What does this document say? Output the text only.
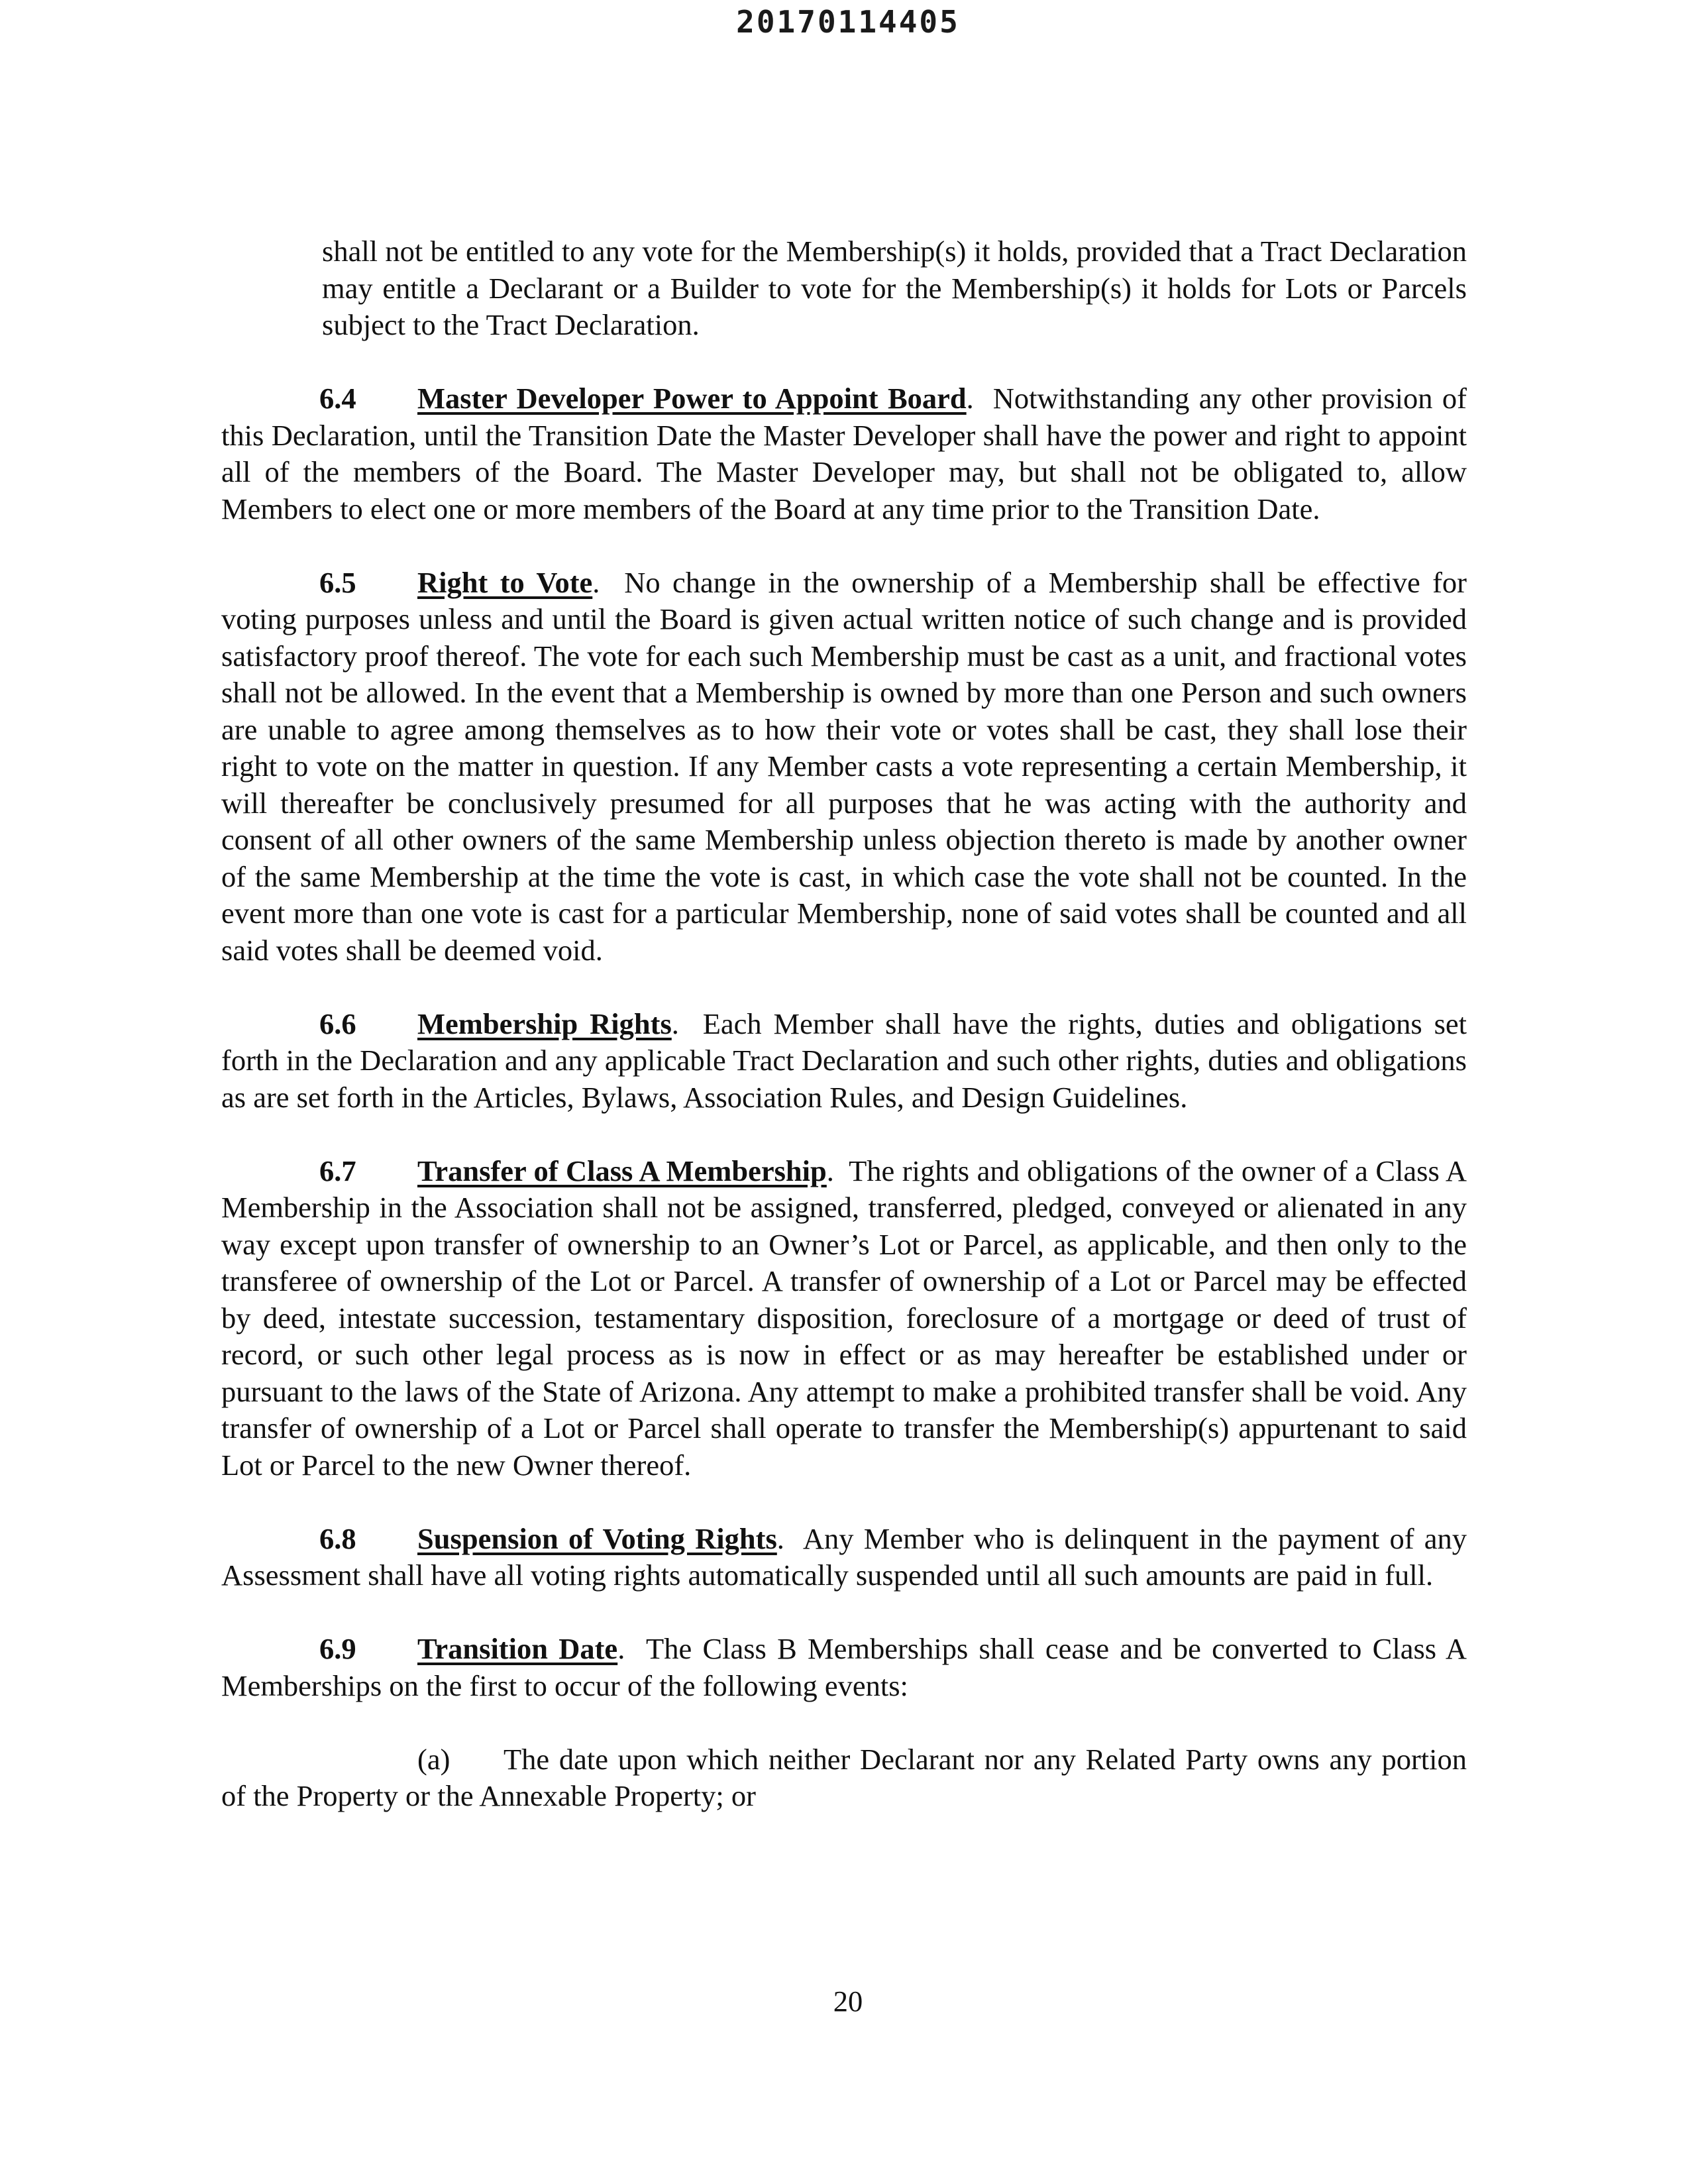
20170114405

shall not be entitled to any vote for the Membership(s) it holds, provided that a Tract Declaration may entitle a Declarant or a Builder to vote for the Membership(s) it holds for Lots or Parcels subject to the Tract Declaration.

6.4 Master Developer Power to Appoint Board.  Notwithstanding any other provision of this Declaration, until the Transition Date the Master Developer shall have the power and right to appoint all of the members of the Board. The Master Developer may, but shall not be obligated to, allow Members to elect one or more members of the Board at any time prior to the Transition Date.

6.5 Right to Vote.  No change in the ownership of a Membership shall be effective for voting purposes unless and until the Board is given actual written notice of such change and is provided satisfactory proof thereof. The vote for each such Membership must be cast as a unit, and fractional votes shall not be allowed. In the event that a Membership is owned by more than one Person and such owners are unable to agree among themselves as to how their vote or votes shall be cast, they shall lose their right to vote on the matter in question. If any Member casts a vote representing a certain Membership, it will thereafter be conclusively presumed for all purposes that he was acting with the authority and consent of all other owners of the same Membership unless objection thereto is made by another owner of the same Membership at the time the vote is cast, in which case the vote shall not be counted. In the event more than one vote is cast for a particular Membership, none of said votes shall be counted and all said votes shall be deemed void.

6.6 Membership Rights.  Each Member shall have the rights, duties and obligations set forth in the Declaration and any applicable Tract Declaration and such other rights, duties and obligations as are set forth in the Articles, Bylaws, Association Rules, and Design Guidelines.

6.7 Transfer of Class A Membership.  The rights and obligations of the owner of a Class A Membership in the Association shall not be assigned, transferred, pledged, conveyed or alienated in any way except upon transfer of ownership to an Owner’s Lot or Parcel, as applicable, and then only to the transferee of ownership of the Lot or Parcel. A transfer of ownership of a Lot or Parcel may be effected by deed, intestate succession, testamentary disposition, foreclosure of a mortgage or deed of trust of record, or such other legal process as is now in effect or as may hereafter be established under or pursuant to the laws of the State of Arizona. Any attempt to make a prohibited transfer shall be void. Any transfer of ownership of a Lot or Parcel shall operate to transfer the Membership(s) appurtenant to said Lot or Parcel to the new Owner thereof.

6.8 Suspension of Voting Rights.  Any Member who is delinquent in the payment of any Assessment shall have all voting rights automatically suspended until all such amounts are paid in full.

6.9 Transition Date.  The Class B Memberships shall cease and be converted to Class A Memberships on the first to occur of the following events:

(a) The date upon which neither Declarant nor any Related Party owns any portion of the Property or the Annexable Property; or

20
